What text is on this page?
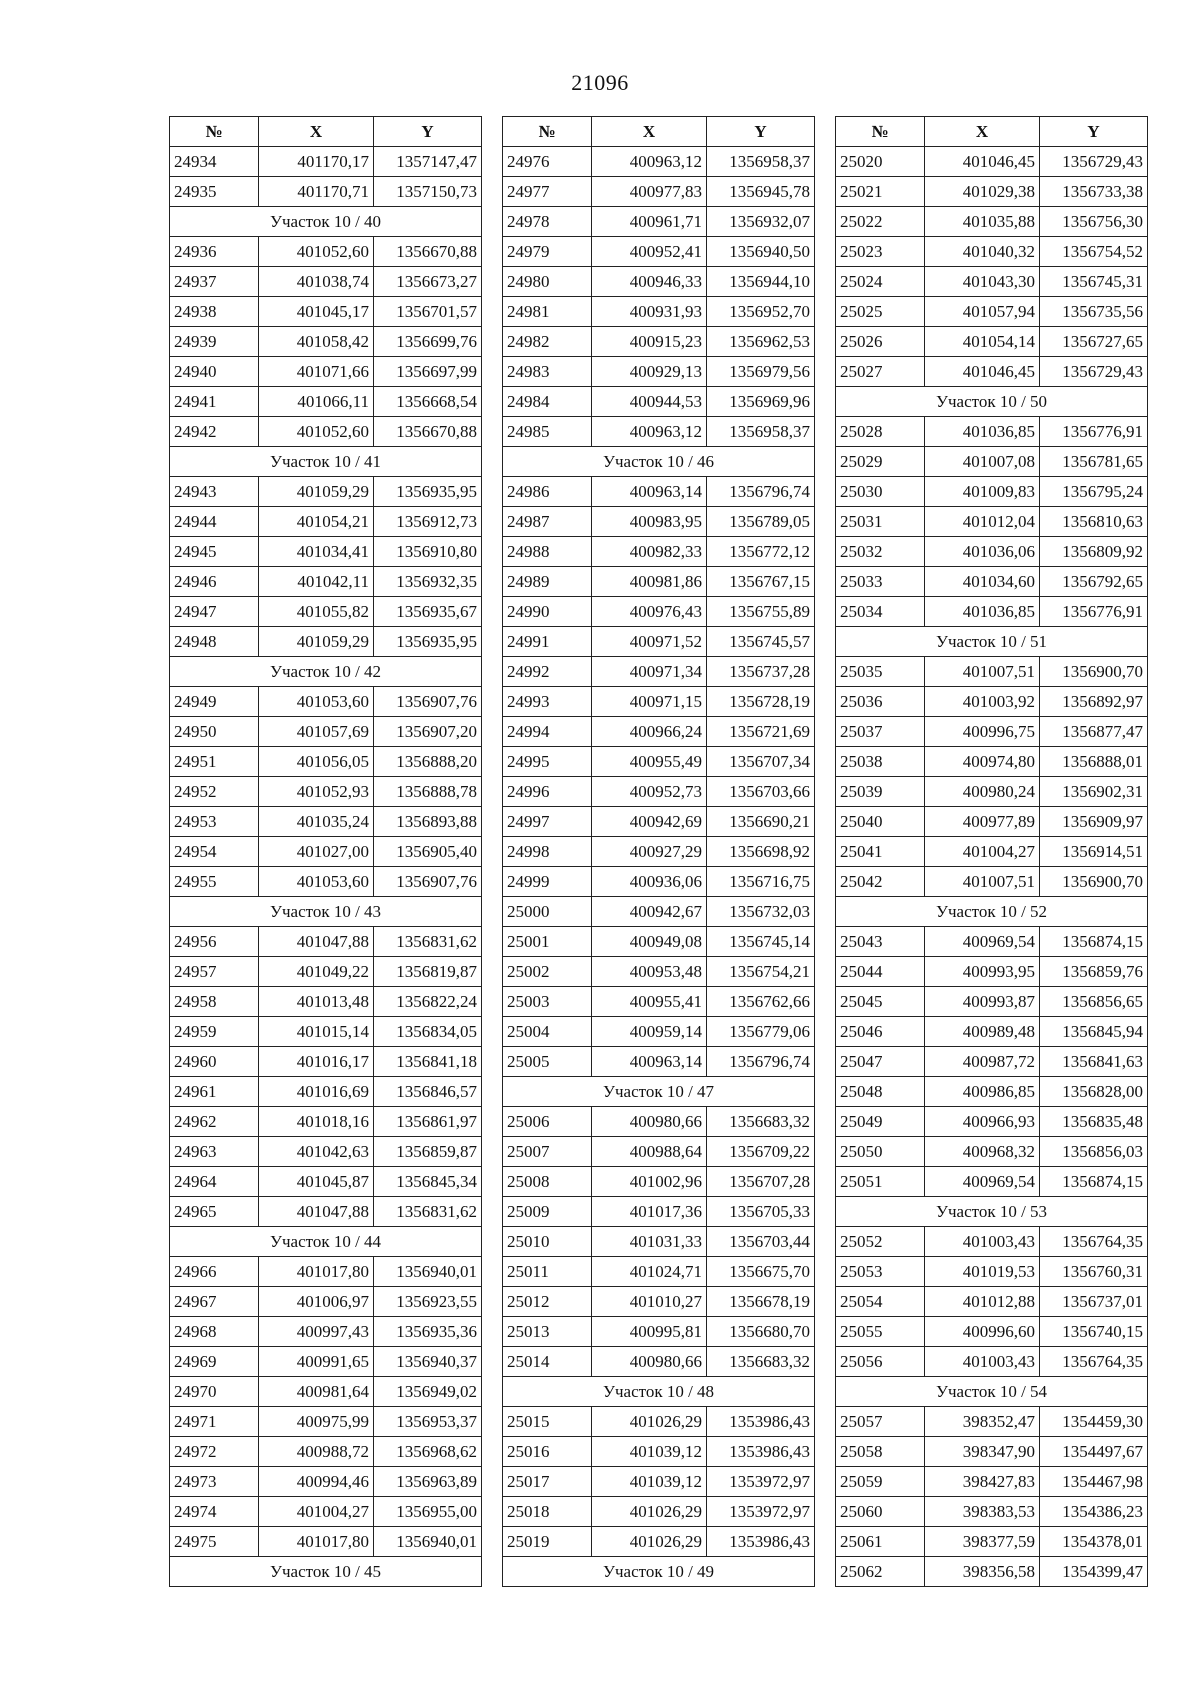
21096
№	X	Y
24934	401170,17	1357147,47
24935	401170,71	1357150,73
Участок 10 / 40		
24936	401052,60	1356670,88
24937	401038,74	1356673,27
24938	401045,17	1356701,57
24939	401058,42	1356699,76
24940	401071,66	1356697,99
24941	401066,11	1356668,54
24942	401052,60	1356670,88
Участок 10 / 41		
24943	401059,29	1356935,95
24944	401054,21	1356912,73
24945	401034,41	1356910,80
24946	401042,11	1356932,35
24947	401055,82	1356935,67
24948	401059,29	1356935,95
Участок 10 / 42		
24949	401053,60	1356907,76
24950	401057,69	1356907,20
24951	401056,05	1356888,20
24952	401052,93	1356888,78
24953	401035,24	1356893,88
24954	401027,00	1356905,40
24955	401053,60	1356907,76
Участок 10 / 43		
24956	401047,88	1356831,62
24957	401049,22	1356819,87
24958	401013,48	1356822,24
24959	401015,14	1356834,05
24960	401016,17	1356841,18
24961	401016,69	1356846,57
24962	401018,16	1356861,97
24963	401042,63	1356859,87
24964	401045,87	1356845,34
24965	401047,88	1356831,62
Участок 10 / 44		
24966	401017,80	1356940,01
24967	401006,97	1356923,55
24968	400997,43	1356935,36
24969	400991,65	1356940,37
24970	400981,64	1356949,02
24971	400975,99	1356953,37
24972	400988,72	1356968,62
24973	400994,46	1356963,89
24974	401004,27	1356955,00
24975	401017,80	1356940,01
Участок 10 / 45		
№	X	Y
24976	400963,12	1356958,37
24977	400977,83	1356945,78
24978	400961,71	1356932,07
24979	400952,41	1356940,50
24980	400946,33	1356944,10
24981	400931,93	1356952,70
24982	400915,23	1356962,53
24983	400929,13	1356979,56
24984	400944,53	1356969,96
24985	400963,12	1356958,37
Участок 10 / 46		
24986	400963,14	1356796,74
24987	400983,95	1356789,05
24988	400982,33	1356772,12
24989	400981,86	1356767,15
24990	400976,43	1356755,89
24991	400971,52	1356745,57
24992	400971,34	1356737,28
24993	400971,15	1356728,19
24994	400966,24	1356721,69
24995	400955,49	1356707,34
24996	400952,73	1356703,66
24997	400942,69	1356690,21
24998	400927,29	1356698,92
24999	400936,06	1356716,75
25000	400942,67	1356732,03
25001	400949,08	1356745,14
25002	400953,48	1356754,21
25003	400955,41	1356762,66
25004	400959,14	1356779,06
25005	400963,14	1356796,74
Участок 10 / 47		
25006	400980,66	1356683,32
25007	400988,64	1356709,22
25008	401002,96	1356707,28
25009	401017,36	1356705,33
25010	401031,33	1356703,44
25011	401024,71	1356675,70
25012	401010,27	1356678,19
25013	400995,81	1356680,70
25014	400980,66	1356683,32
Участок 10 / 48		
25015	401026,29	1353986,43
25016	401039,12	1353986,43
25017	401039,12	1353972,97
25018	401026,29	1353972,97
25019	401026,29	1353986,43
Участок 10 / 49		
№	X	Y
25020	401046,45	1356729,43
25021	401029,38	1356733,38
25022	401035,88	1356756,30
25023	401040,32	1356754,52
25024	401043,30	1356745,31
25025	401057,94	1356735,56
25026	401054,14	1356727,65
25027	401046,45	1356729,43
Участок 10 / 50		
25028	401036,85	1356776,91
25029	401007,08	1356781,65
25030	401009,83	1356795,24
25031	401012,04	1356810,63
25032	401036,06	1356809,92
25033	401034,60	1356792,65
25034	401036,85	1356776,91
Участок 10 / 51		
25035	401007,51	1356900,70
25036	401003,92	1356892,97
25037	400996,75	1356877,47
25038	400974,80	1356888,01
25039	400980,24	1356902,31
25040	400977,89	1356909,97
25041	401004,27	1356914,51
25042	401007,51	1356900,70
Участок 10 / 52		
25043	400969,54	1356874,15
25044	400993,95	1356859,76
25045	400993,87	1356856,65
25046	400989,48	1356845,94
25047	400987,72	1356841,63
25048	400986,85	1356828,00
25049	400966,93	1356835,48
25050	400968,32	1356856,03
25051	400969,54	1356874,15
Участок 10 / 53		
25052	401003,43	1356764,35
25053	401019,53	1356760,31
25054	401012,88	1356737,01
25055	400996,60	1356740,15
25056	401003,43	1356764,35
Участок 10 / 54		
25057	398352,47	1354459,30
25058	398347,90	1354497,67
25059	398427,83	1354467,98
25060	398383,53	1354386,23
25061	398377,59	1354378,01
25062	398356,58	1354399,47
